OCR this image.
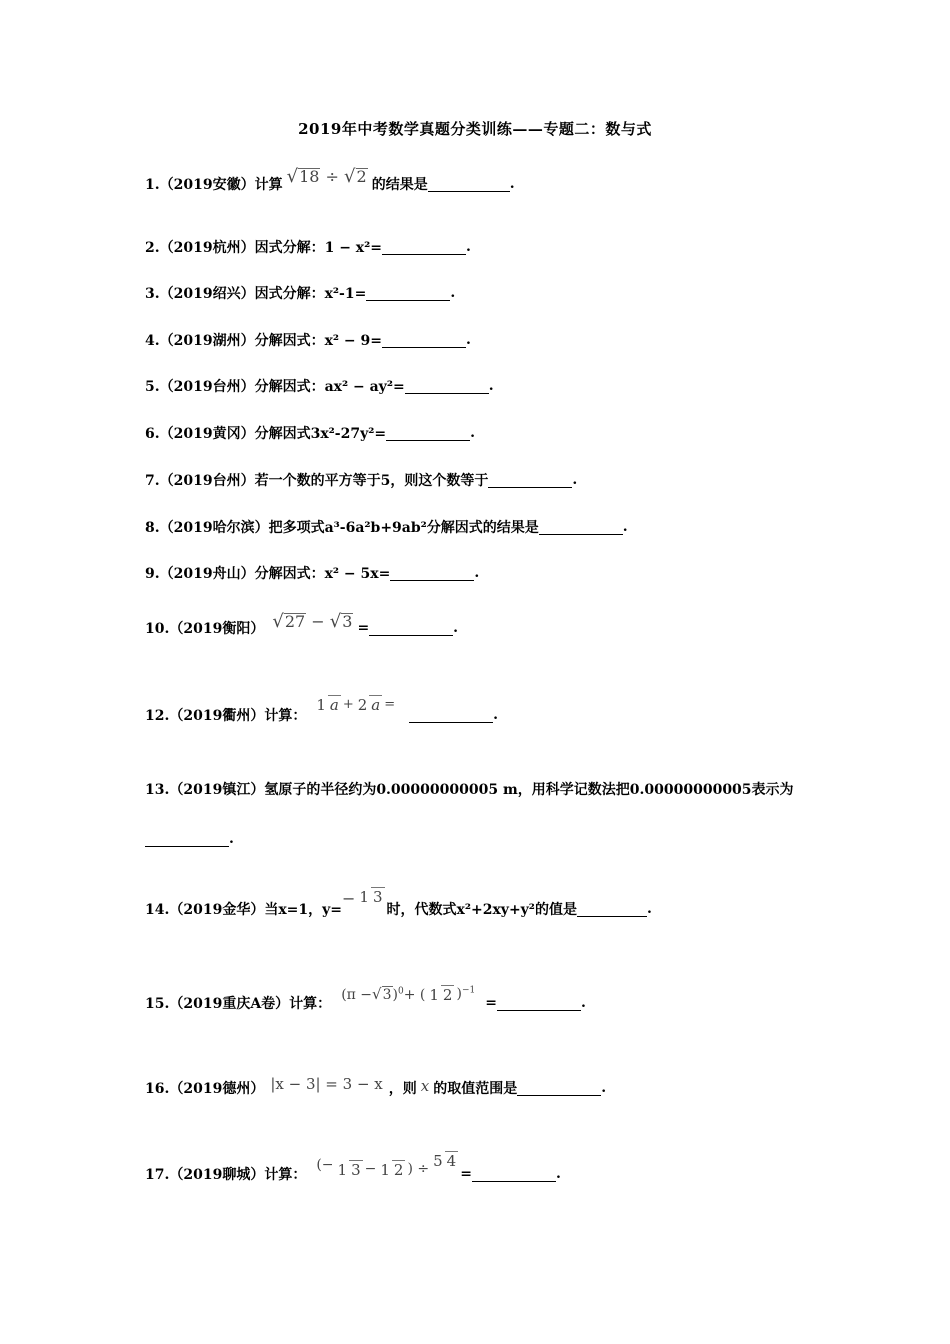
2019年中考数学真题分类训练——专题二：数与式
1.（2019安徽）计算 √18 ÷ √2 的结果是	.
2.（2019杭州）因式分解：1 − x²=	.
3.（2019绍兴）因式分解：x²-1=	.
4.（2019湖州）分解因式：x² − 9=	.
5.（2019台州）分解因式：ax² − ay²=	.
6.（2019黄冈）分解因式3x²-27y²=	.
7.（2019台州）若一个数的平方等于5，则这个数等于	.
8.（2019哈尔滨）把多项式a³-6a²b+9ab²分解因式的结果是	.
9.（2019舟山）分解因式：x² − 5x=	.
10.（2019衡阳） √27 − √3 =	.
12.（2019衢州）计算：
1 a + 2 a =
.
13.（2019镇江）氢原子的半径约为0.00000000005 m，用科学记数法把0.00000000005表示为
.
14.（2019金华）当x=1，y=
− 1 3
时，代数式x²+2xy+y²的值是	.
15.（2019重庆A卷）计算：
$(\pi -√3)^0+$ ( 1 2 )$^{-1}$
=	.
16.（2019德州） |x − 3| = 3 − x ，则 x 的取值范围是	.
17.（2019聊城）计算：
(− 1 3 − 1 2 ) ÷ 5 4
=	.
